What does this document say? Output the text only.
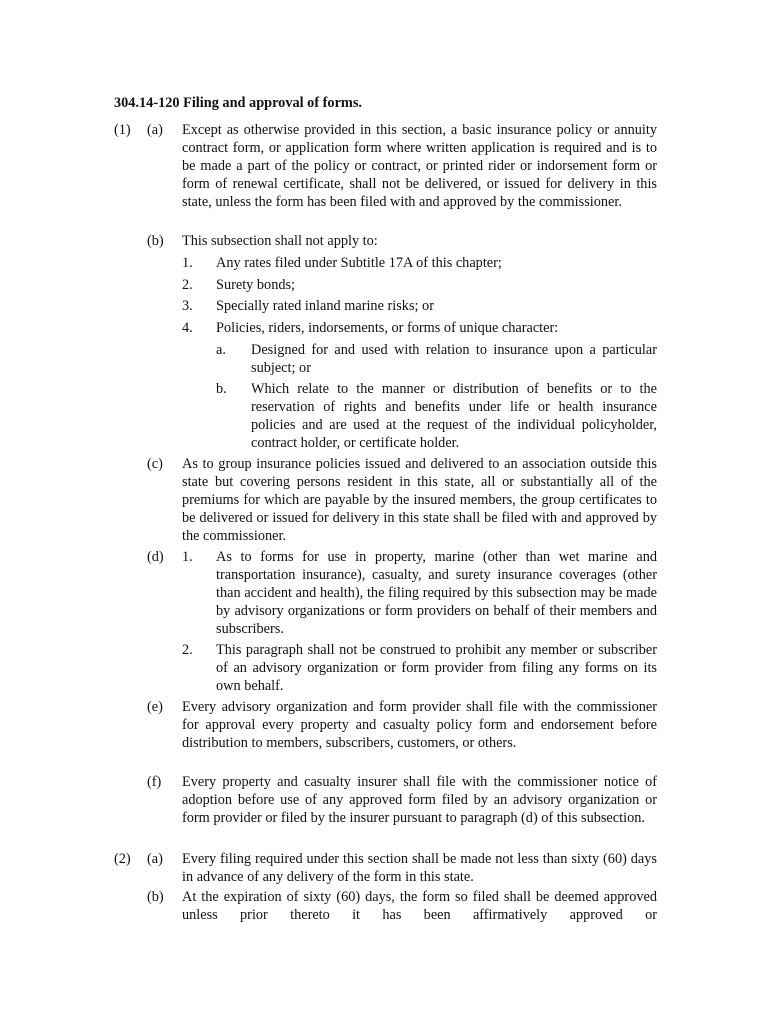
304.14-120 Filing and approval of forms.
(1) (a) Except as otherwise provided in this section, a basic insurance policy or annuity contract form, or application form where written application is required and is to be made a part of the policy or contract, or printed rider or indorsement form or form of renewal certificate, shall not be delivered, or issued for delivery in this state, unless the form has been filed with and approved by the commissioner.
(b) This subsection shall not apply to:
1. Any rates filed under Subtitle 17A of this chapter;
2. Surety bonds;
3. Specially rated inland marine risks; or
4. Policies, riders, indorsements, or forms of unique character:
a. Designed for and used with relation to insurance upon a particular subject; or
b. Which relate to the manner or distribution of benefits or to the reservation of rights and benefits under life or health insurance policies and are used at the request of the individual policyholder, contract holder, or certificate holder.
(c) As to group insurance policies issued and delivered to an association outside this state but covering persons resident in this state, all or substantially all of the premiums for which are payable by the insured members, the group certificates to be delivered or issued for delivery in this state shall be filed with and approved by the commissioner.
(d) 1. As to forms for use in property, marine (other than wet marine and transportation insurance), casualty, and surety insurance coverages (other than accident and health), the filing required by this subsection may be made by advisory organizations or form providers on behalf of their members and subscribers.
2. This paragraph shall not be construed to prohibit any member or subscriber of an advisory organization or form provider from filing any forms on its own behalf.
(e) Every advisory organization and form provider shall file with the commissioner for approval every property and casualty policy form and endorsement before distribution to members, subscribers, customers, or others.
(f) Every property and casualty insurer shall file with the commissioner notice of adoption before use of any approved form filed by an advisory organization or form provider or filed by the insurer pursuant to paragraph (d) of this subsection.
(2) (a) Every filing required under this section shall be made not less than sixty (60) days in advance of any delivery of the form in this state.
(b) At the expiration of sixty (60) days, the form so filed shall be deemed approved unless prior thereto it has been affirmatively approved or
